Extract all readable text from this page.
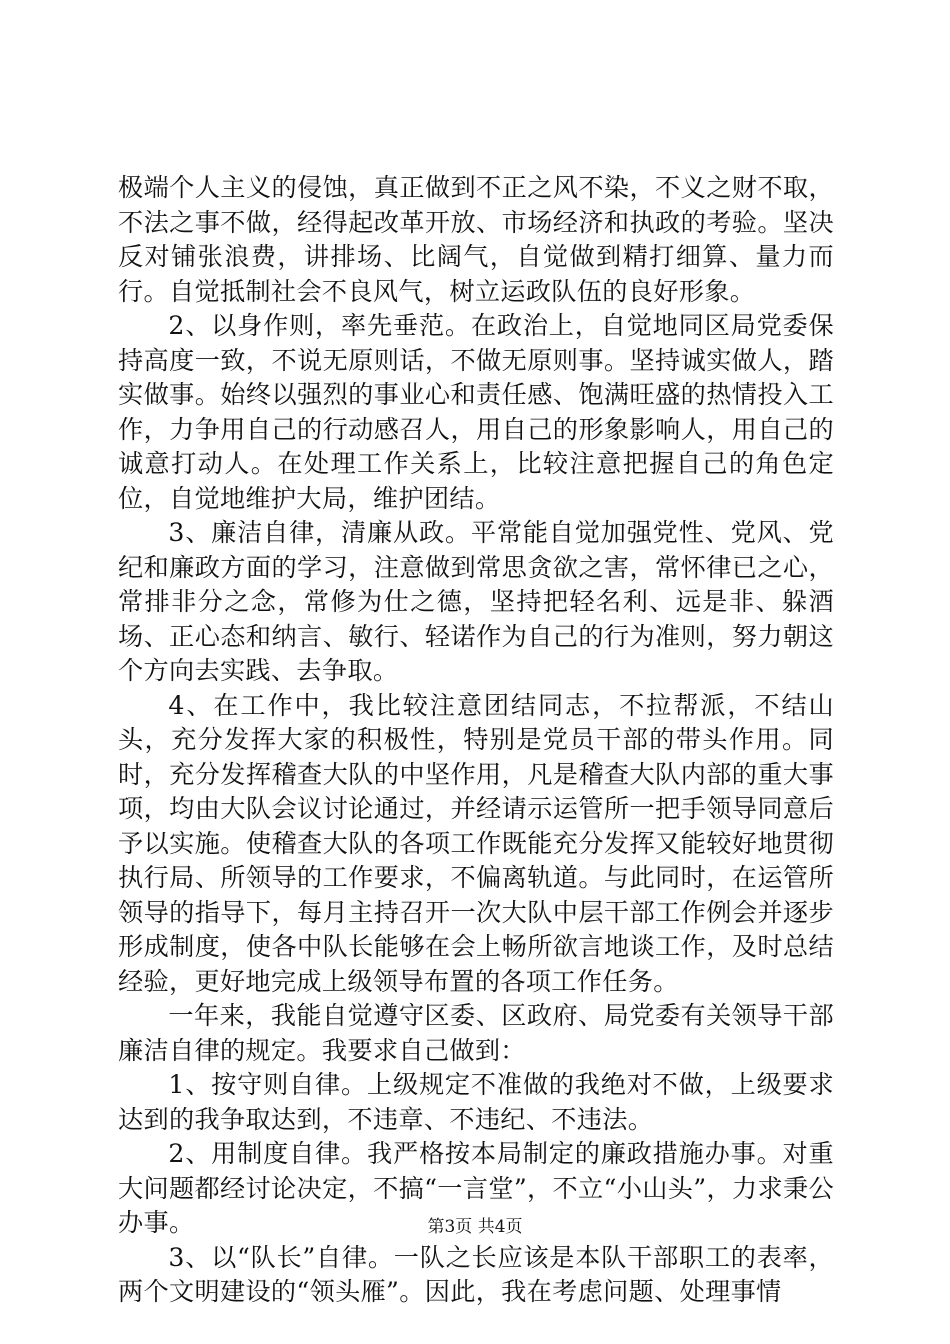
极端个人主义的侵蚀，真正做到不正之风不染，不义之财不取，不法之事不做，经得起改革开放、市场经济和执政的考验。坚决反对铺张浪费，讲排场、比阔气，自觉做到精打细算、量力而行。自觉抵制社会不良风气，树立运政队伍的良好形象。

2、以身作则，率先垂范。在政治上，自觉地同区局党委保持高度一致，不说无原则话，不做无原则事。坚持诚实做人，踏实做事。始终以强烈的事业心和责任感、饱满旺盛的热情投入工作，力争用自己的行动感召人，用自己的形象影响人，用自己的诚意打动人。在处理工作关系上，比较注意把握自己的角色定位，自觉地维护大局，维护团结。

3、廉洁自律，清廉从政。平常能自觉加强党性、党风、党纪和廉政方面的学习，注意做到常思贪欲之害，常怀律已之心，常排非分之念，常修为仕之德，坚持把轻名利、远是非、躲酒场、正心态和纳言、敏行、轻诺作为自己的行为准则，努力朝这个方向去实践、去争取。

4、在工作中，我比较注意团结同志，不拉帮派，不结山头，充分发挥大家的积极性，特别是党员干部的带头作用。同时，充分发挥稽查大队的中坚作用，凡是稽查大队内部的重大事项，均由大队会议讨论通过，并经请示运管所一把手领导同意后予以实施。使稽查大队的各项工作既能充分发挥又能较好地贯彻执行局、所领导的工作要求，不偏离轨道。与此同时，在运管所领导的指导下，每月主持召开一次大队中层干部工作例会并逐步形成制度，使各中队长能够在会上畅所欲言地谈工作，及时总结经验，更好地完成上级领导布置的各项工作任务。

一年来，我能自觉遵守区委、区政府、局党委有关领导干部廉洁自律的规定。我要求自己做到：

1、按守则自律。上级规定不准做的我绝对不做，上级要求达到的我争取达到，不违章、不违纪、不违法。

2、用制度自律。我严格按本局制定的廉政措施办事。对重大问题都经讨论决定，不搞“一言堂”，不立“小山头”，力求秉公办事。

3、以“队长”自律。一队之长应该是本队干部职工的表率，两个文明建设的“领头雁”。因此，我在考虑问题、处理事情

第3页 共4页
